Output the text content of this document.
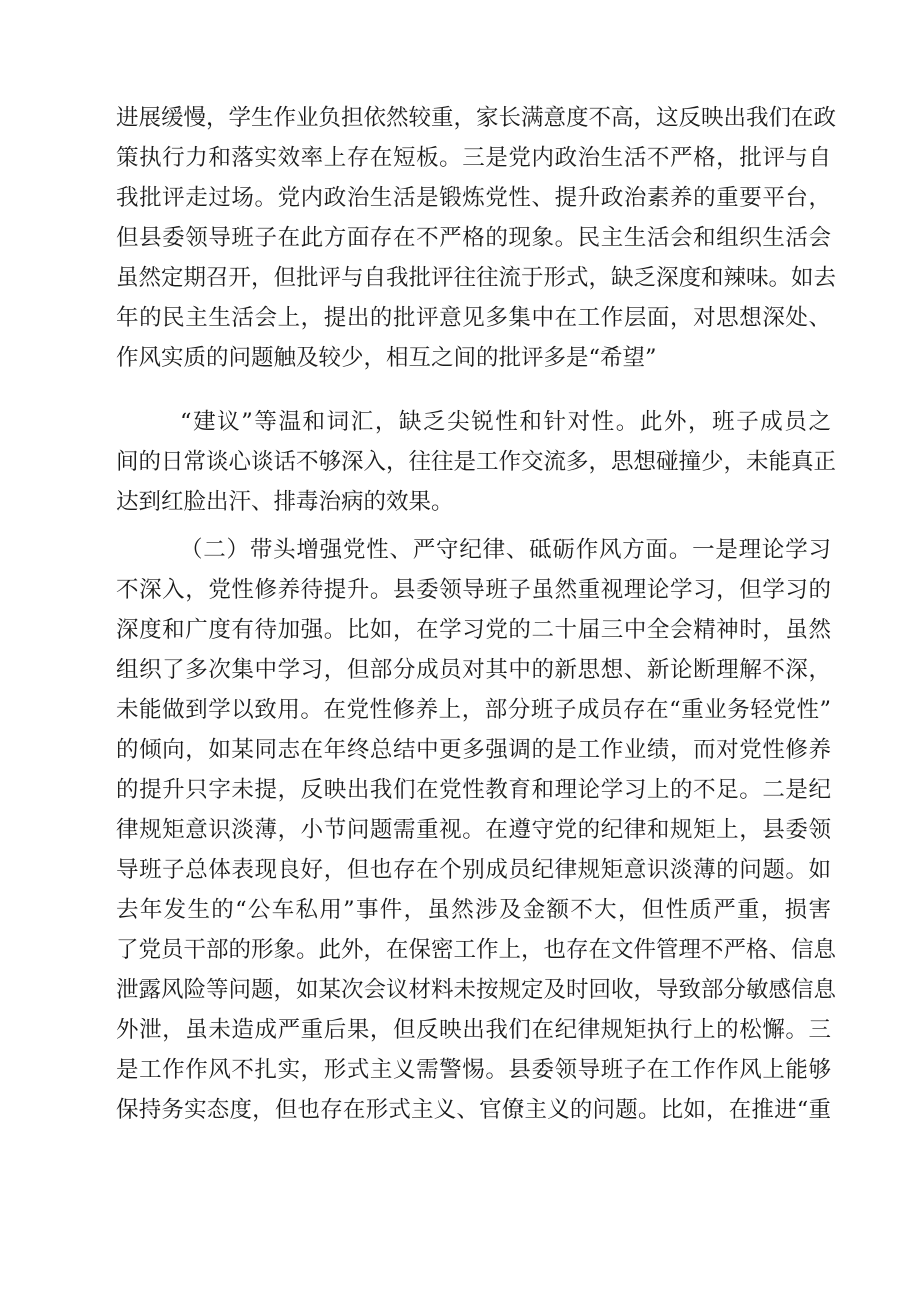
进展缓慢，学生作业负担依然较重，家长满意度不高，这反映出我们在政
策执行力和落实效率上存在短板。三是党内政治生活不严格，批评与自
我批评走过场。党内政治生活是锻炼党性、提升政治素养的重要平台，
但县委领导班子在此方面存在不严格的现象。民主生活会和组织生活会
虽然定期召开，但批评与自我批评往往流于形式，缺乏深度和辣味。如去
年的民主生活会上，提出的批评意见多集中在工作层面，对思想深处、
作风实质的问题触及较少，相互之间的批评多是“希望”
“建议”等温和词汇，缺乏尖锐性和针对性。此外，班子成员之
间的日常谈心谈话不够深入，往往是工作交流多，思想碰撞少，未能真正
达到红脸出汗、排毒治病的效果。
（二）带头增强党性、严守纪律、砥砺作风方面。一是理论学习
不深入，党性修养待提升。县委领导班子虽然重视理论学习，但学习的
深度和广度有待加强。比如，在学习党的二十届三中全会精神时，虽然
组织了多次集中学习，但部分成员对其中的新思想、新论断理解不深，
未能做到学以致用。在党性修养上，部分班子成员存在“重业务轻党性”
的倾向，如某同志在年终总结中更多强调的是工作业绩，而对党性修养
的提升只字未提，反映出我们在党性教育和理论学习上的不足。二是纪
律规矩意识淡薄，小节问题需重视。在遵守党的纪律和规矩上，县委领
导班子总体表现良好，但也存在个别成员纪律规矩意识淡薄的问题。如
去年发生的“公车私用”事件，虽然涉及金额不大，但性质严重，损害
了党员干部的形象。此外，在保密工作上，也存在文件管理不严格、信息
泄露风险等问题，如某次会议材料未按规定及时回收，导致部分敏感信息
外泄，虽未造成严重后果，但反映出我们在纪律规矩执行上的松懈。三
是工作作风不扎实，形式主义需警惕。县委领导班子在工作作风上能够
保持务实态度，但也存在形式主义、官僚主义的问题。比如，在推进“重
